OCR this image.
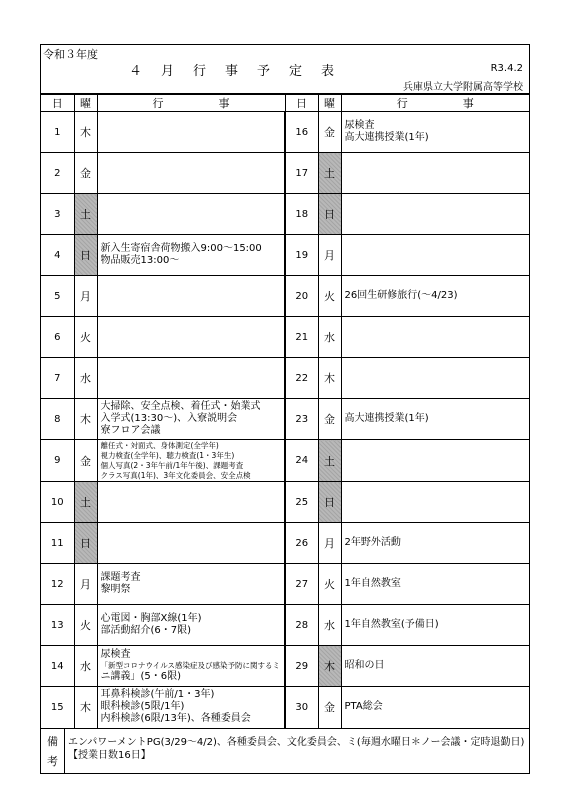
令和３年度
４月行事予定表	R3.4.2
兵庫県立大学附属高等学校
日	曜	行　　　　　事	日	曜	行　　　　　事
1	木		16	金	尿検査
高大連携授業(1年)

2	金		17	土	
3	土		18	日	
4	日	新入生寄宿舎荷物搬入9:00～15:00
物品販売13:00～	19	月	
5	月		20	火	26回生研修旅行(～4/23)

6	火		21	水	
7	水		22	木	
8	木	大掃除、安全点検、着任式・始業式
入学式(13:30～)、入寮説明会
寮フロア会議	23	金	高大連携授業(1年)

9	金	離任式・対面式、身体測定(全学年)
視力検査(全学年)、聴力検査(1・3年生)
個人写真(2・3年午前/1年午後)、課題考査
クラス写真(1年)、3年文化委員会、安全点検	24	土	
10	土		25	日	
11	日		26	月	2年野外活動

12	月	課題考査
黎明祭	27	火	1年自然教室

13	火	心電図・胸部X線(1年)
部活動紹介(6・7限)	28	水	1年自然教室(予備日)

14	水	尿検査
「新型コロナウイルス感染症及び感染予防に関するミ
ニ講義」(5・6限)	29	木	昭和の日

15	木	耳鼻科検診(午前/1・3年)
眼科検診(5限/1年)
内科検診(6限/13年)、各種委員会	30	金	PTA総会
備
考
エンパワーメントPG(3/29～4/2)、各種委員会、文化委員会、ミ(毎週水曜日＊ノー会議・定時退勤日)【授業日数16日】
